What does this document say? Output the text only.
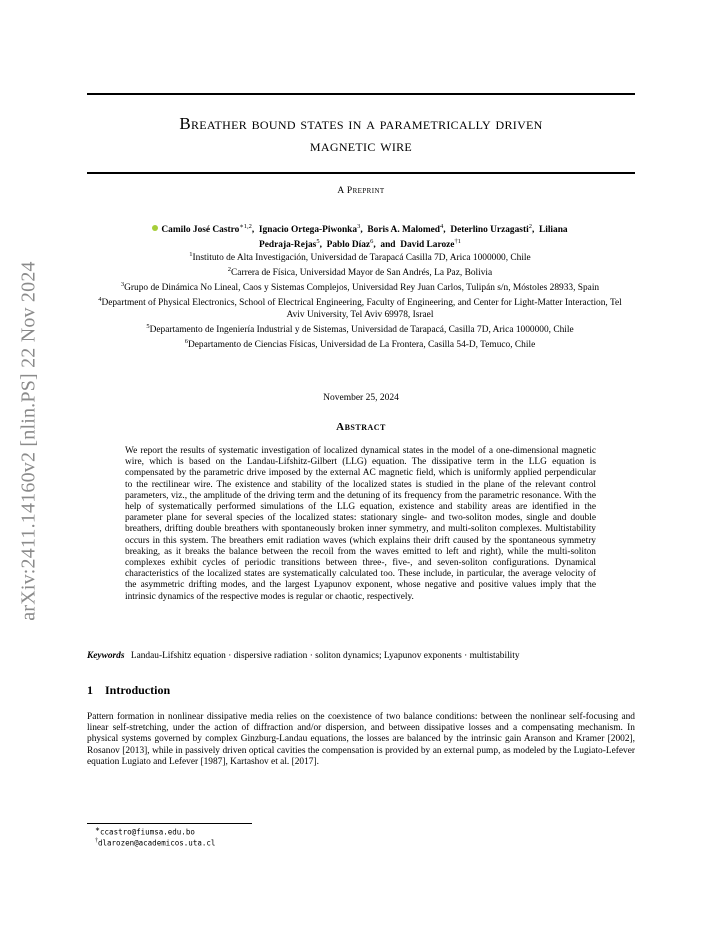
arXiv:2411.14160v2 [nlin.PS] 22 Nov 2024
Breather bound states in a parametrically driven
magnetic wire
A Preprint
Camilo José Castro$^{∗1,2}$,  Ignacio Ortega-Piwonka$^3$,  Boris A. Malomed$^4$,  Deterlino Urzagasti$^2$,  Liliana
Pedraja-Rejas$^5$,  Pablo Díaz$^6$,  and David Laroze$^{\dagger 1}$
$^1$Instituto de Alta Investigación, Universidad de Tarapacá Casilla 7D, Arica 1000000, Chile
$^2$Carrera de Física, Universidad Mayor de San Andrés, La Paz, Bolivia
$^3$Grupo de Dinámica No Lineal, Caos y Sistemas Complejos, Universidad Rey Juan Carlos, Tulipán s/n, Móstoles 28933, Spain
$^4$Department of Physical Electronics, School of Electrical Engineering, Faculty of Engineering, and Center for Light-Matter Interaction, Tel Aviv University, Tel Aviv 69978, Israel
$^5$Departamento de Ingeniería Industrial y de Sistemas, Universidad de Tarapacá, Casilla 7D, Arica 1000000, Chile
$^6$Departamento de Ciencias Físicas, Universidad de La Frontera, Casilla 54-D, Temuco, Chile
November 25, 2024
Abstract

We report the results of systematic investigation of localized dynamical states in the model of a one-dimensional magnetic wire, which is based on the Landau-Lifshitz-Gilbert (LLG) equation. The dissipative term in the LLG equation is compensated by the parametric drive imposed by the external AC magnetic field, which is uniformly applied perpendicular to the rectilinear wire. The existence and stability of the localized states is studied in the plane of the relevant control parameters, viz., the amplitude of the driving term and the detuning of its frequency from the parametric resonance. With the help of systematically performed simulations of the LLG equation, existence and stability areas are identified in the parameter plane for several species of the localized states: stationary single- and two-soliton modes, single and double breathers, drifting double breathers with spontaneously broken inner symmetry, and multi-soliton complexes. Multistability occurs in this system. The breathers emit radiation waves (which explains their drift caused by the spontaneous symmetry breaking, as it breaks the balance between the recoil from the waves emitted to left and right), while the multi-soliton complexes exhibit cycles of periodic transitions between three-, five-, and seven-soliton configurations. Dynamical characteristics of the localized states are systematically calculated too. These include, in particular, the average velocity of the asymmetric drifting modes, and the largest Lyapunov exponent, whose negative and positive values imply that the intrinsic dynamics of the respective modes is regular or chaotic, respectively.

Keywords Landau-Lifshitz equation · dispersive radiation · soliton dynamics; Lyapunov exponents · multistability
1 Introduction

Pattern formation in nonlinear dissipative media relies on the coexistence of two balance conditions: between the nonlinear self-focusing and linear self-stretching, under the action of diffraction and/or dispersion, and between dissipative losses and a compensating mechanism. In physical systems governed by complex Ginzburg-Landau equations, the losses are balanced by the intrinsic gain Aranson and Kramer [2002], Rosanov [2013], while in passively driven optical cavities the compensation is provided by an external pump, as modeled by the Lugiato-Lefever equation Lugiato and Lefever [1987], Kartashov et al. [2017].

∗ccastro@fiumsa.edu.bo
†dlarozen@academicos.uta.cl
